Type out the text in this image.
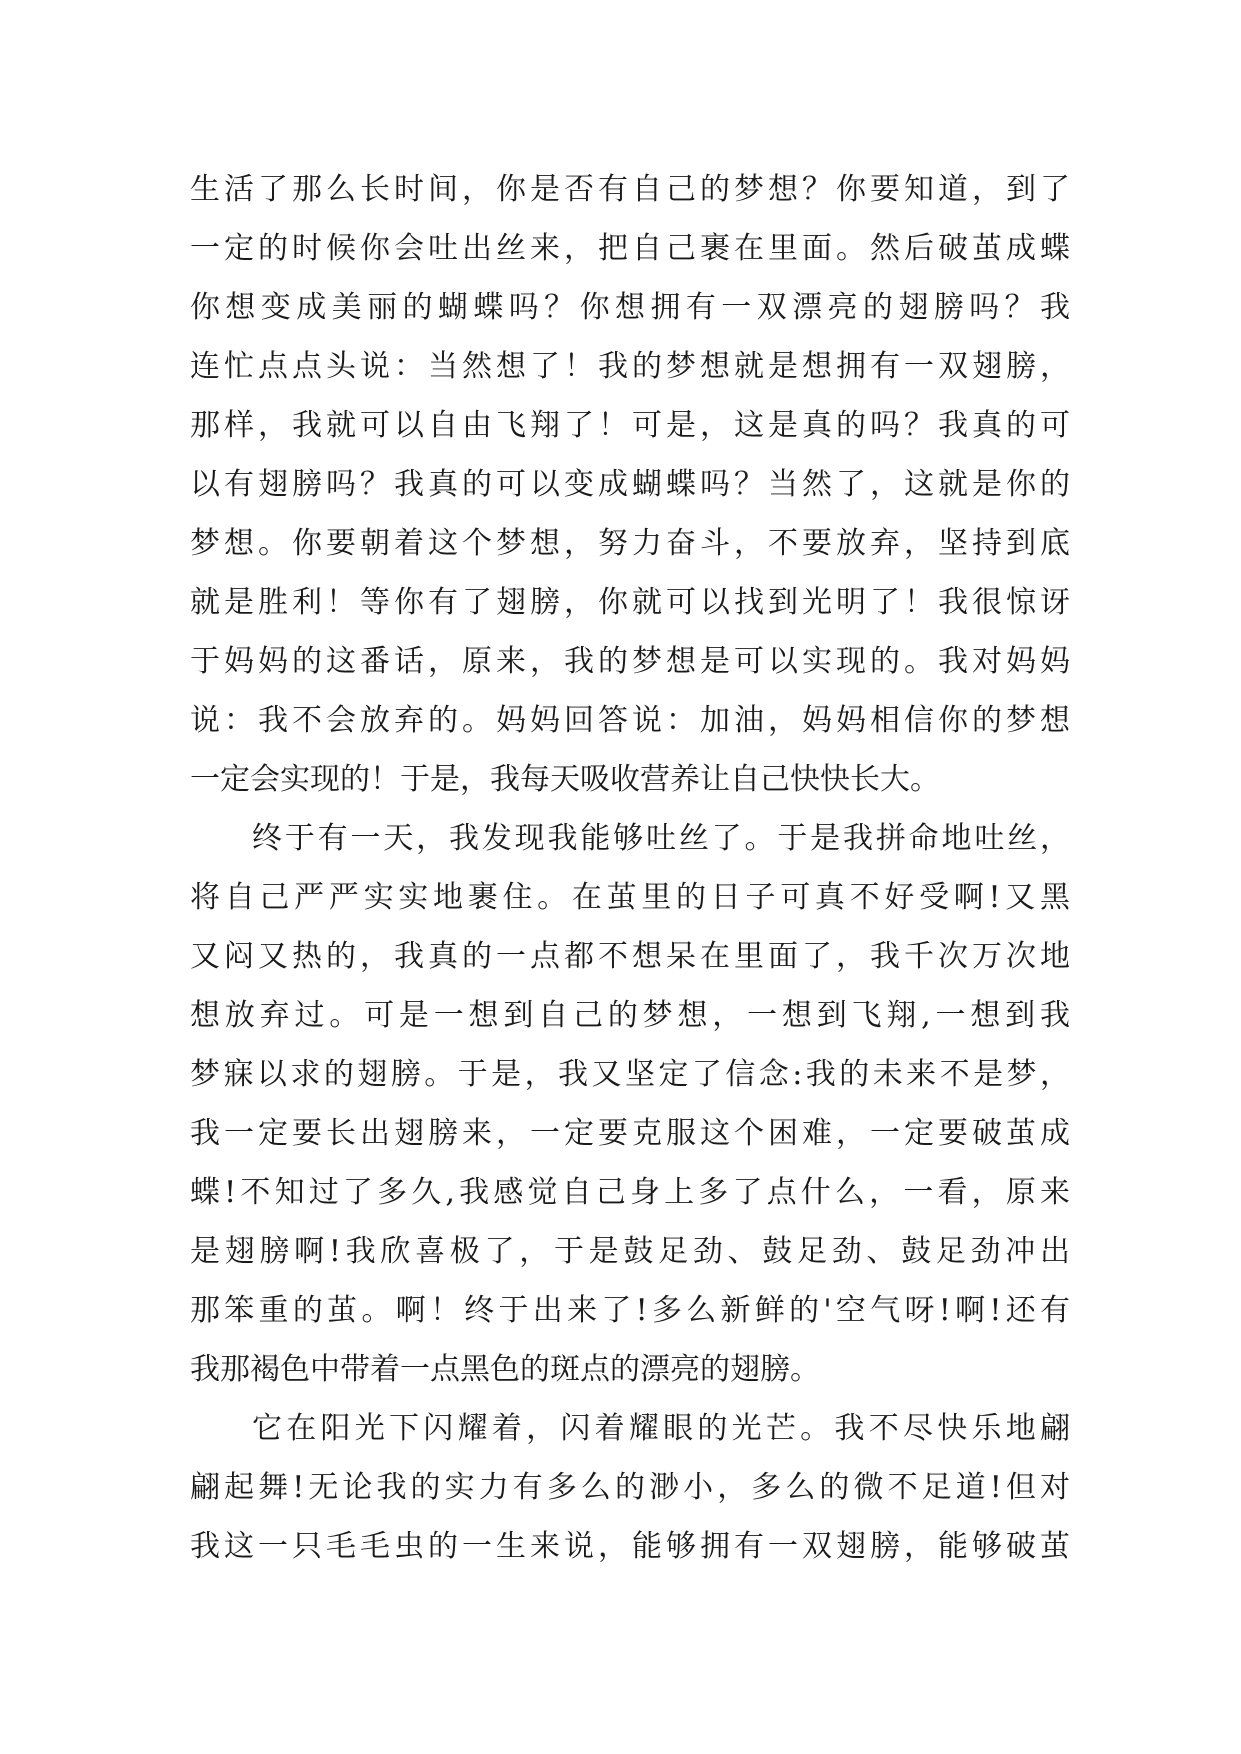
生活了那么长时间，你是否有自己的梦想？你要知道，到了
一定的时候你会吐出丝来，把自己裹在里面。然后破茧成蝶
你想变成美丽的蝴蝶吗？你想拥有一双漂亮的翅膀吗？我
连忙点点头说：当然想了！我的梦想就是想拥有一双翅膀，
那样，我就可以自由飞翔了！可是，这是真的吗？我真的可
以有翅膀吗？我真的可以变成蝴蝶吗？当然了，这就是你的
梦想。你要朝着这个梦想，努力奋斗，不要放弃，坚持到底
就是胜利！等你有了翅膀，你就可以找到光明了！我很惊讶
于妈妈的这番话，原来，我的梦想是可以实现的。我对妈妈
说：我不会放弃的。妈妈回答说：加油，妈妈相信你的梦想
一定会实现的！于是，我每天吸收营养让自己快快长大。
终于有一天，我发现我能够吐丝了。于是我拼命地吐丝，
将自己严严实实地裹住。在茧里的日子可真不好受啊!又黑
又闷又热的，我真的一点都不想呆在里面了，我千次万次地
想放弃过。可是一想到自己的梦想，一想到飞翔,一想到我
梦寐以求的翅膀。于是，我又坚定了信念:我的未来不是梦，
我一定要长出翅膀来，一定要克服这个困难，一定要破茧成
蝶!不知过了多久,我感觉自己身上多了点什么，一看，原来
是翅膀啊!我欣喜极了，于是鼓足劲、鼓足劲、鼓足劲冲出
那笨重的茧。啊！终于出来了!多么新鲜的'空气呀!啊!还有
我那褐色中带着一点黑色的斑点的漂亮的翅膀。
它在阳光下闪耀着，闪着耀眼的光芒。我不尽快乐地翩
翩起舞!无论我的实力有多么的渺小，多么的微不足道!但对
我这一只毛毛虫的一生来说，能够拥有一双翅膀，能够破茧
